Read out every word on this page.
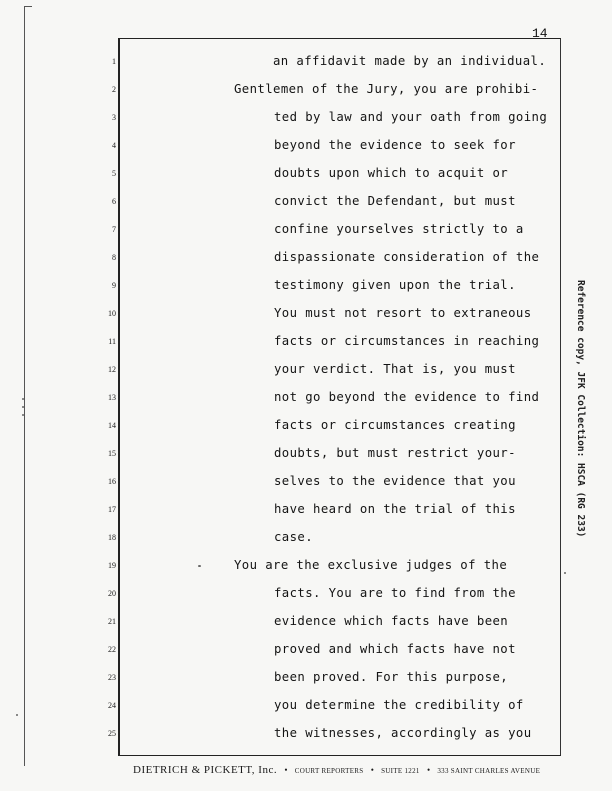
14
1
2
3
4
5
6
7
8
9
10
11
12
13
14
15
16
17
18
19
20
21
22
23
24
25
an affidavit made by an individual.
Gentlemen of the Jury, you are prohibi-
ted by law and your oath from going
beyond the evidence to seek for
doubts upon which to acquit or
convict the Defendant, but must
confine yourselves strictly to a
dispassionate consideration of the
testimony given upon the trial.
You must not resort to extraneous
facts or circumstances in reaching
your verdict. That is, you must
not go beyond the evidence to find
facts or circumstances creating
doubts, but must restrict your-
selves to the evidence that you
have heard on the trial of this
case.
You are the exclusive judges of the
facts. You are to find from the
evidence which facts have been
proved and which facts have not
been proved. For this purpose,
you determine the credibility of
the witnesses, accordingly as you
Reference copy, JFK Collection: HSCA (RG 233)
DIETRICH & PICKETT, Inc. • COURT REPORTERS • SUITE 1221 • 333 SAINT CHARLES AVENUE
